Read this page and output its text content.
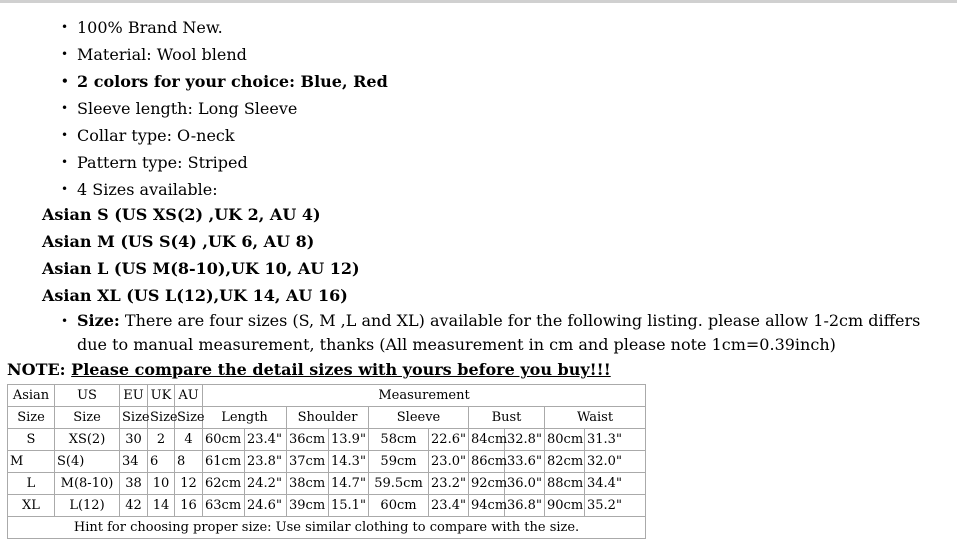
• 100% Brand New.
• Material: Wool blend
• 2 colors for your choice: Blue, Red
• Sleeve length: Long Sleeve
• Collar type: O-neck
• Pattern type: Striped
• 4 Sizes available:
Asian S (US XS(2) ,UK 2, AU 4)
Asian M (US S(4) ,UK 6, AU 8)
Asian L (US M(8-10),UK 10, AU 12)
Asian XL (US L(12),UK 14, AU 16)
• Size: There are four sizes (S, M ,L and XL) available for the following listing. please allow 1-2cm differs due to manual measurement, thanks (All measurement in cm and please note 1cm=0.39inch)
NOTE: Please compare the detail sizes with yours before you buy!!!
Asian	US	EU	UK	AU	Measurement									
Size	Size	Size	Size	Size	Length		Shoulder		Sleeve		Bust		Waist	
S	XS(2)	30	2	4	60cm	23.4"	36cm	13.9"	58cm	22.6"	84cm	32.8"	80cm	31.3"
M	S(4)	34	6	8	61cm	23.8"	37cm	14.3"	59cm	23.0"	86cm	33.6"	82cm	32.0"
L	M(8-10)	38	10	12	62cm	24.2"	38cm	14.7"	59.5cm	23.2"	92cm	36.0"	88cm	34.4"
XL	L(12)	42	14	16	63cm	24.6"	39cm	15.1"	60cm	23.4"	94cm	36.8"	90cm	35.2"
Hint for choosing proper size: Use similar clothing to compare with the size.														
